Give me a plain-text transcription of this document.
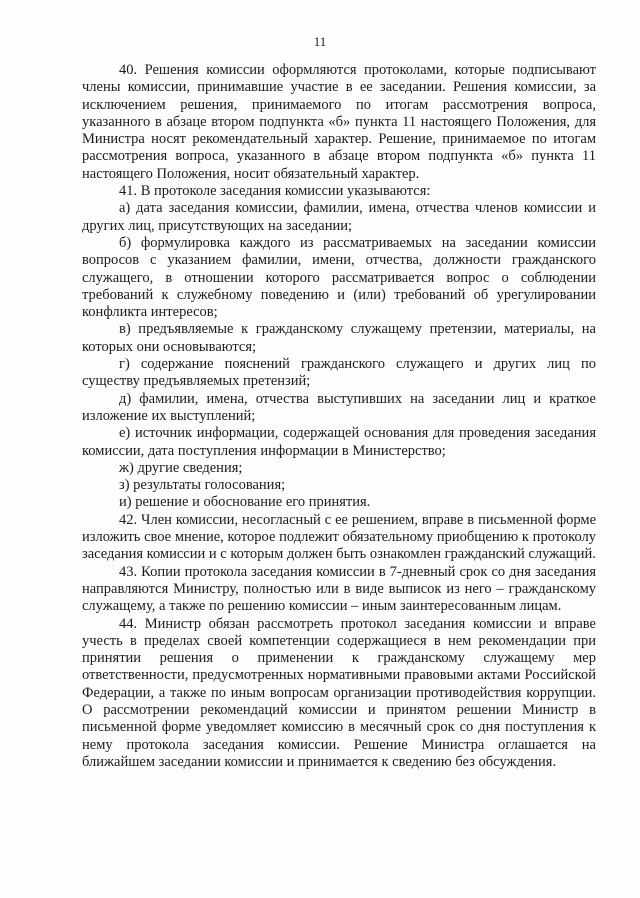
11

40. Решения комиссии оформляются протоколами, которые подписывают члены комиссии, принимавшие участие в ее заседании. Решения комиссии, за исключением решения, принимаемого по итогам рассмотрения вопроса, указанного в абзаце втором подпункта «б» пункта 11 настоящего Положения, для Министра носят рекомендательный характер. Решение, принимаемое по итогам рассмотрения вопроса, указанного в абзаце втором подпункта «б» пункта 11 настоящего Положения, носит обязательный характер.

41. В протоколе заседания комиссии указываются:

а) дата заседания комиссии, фамилии, имена, отчества членов комиссии и других лиц, присутствующих на заседании;

б) формулировка каждого из рассматриваемых на заседании комиссии вопросов с указанием фамилии, имени, отчества, должности гражданского служащего, в отношении которого рассматривается вопрос о соблюдении требований к служебному поведению и (или) требований об урегулировании конфликта интересов;

в) предъявляемые к гражданскому служащему претензии, материалы, на которых они основываются;

г) содержание пояснений гражданского служащего и других лиц по существу предъявляемых претензий;

д) фамилии, имена, отчества выступивших на заседании лиц и краткое изложение их выступлений;

е) источник информации, содержащей основания для проведения заседания комиссии, дата поступления информации в Министерство;

ж) другие сведения;

з) результаты голосования;

и) решение и обоснование его принятия.

42. Член комиссии, несогласный с ее решением, вправе в письменной форме изложить свое мнение, которое подлежит обязательному приобщению к протоколу заседания комиссии и с которым должен быть ознакомлен гражданский служащий.

43. Копии протокола заседания комиссии в 7-дневный срок со дня заседания направляются Министру, полностью или в виде выписок из него – гражданскому служащему, а также по решению комиссии – иным заинтересованным лицам.

44. Министр обязан рассмотреть протокол заседания комиссии и вправе учесть в пределах своей компетенции содержащиеся в нем рекомендации при принятии решения о применении к гражданскому служащему мер ответственности, предусмотренных нормативными правовыми актами Российской Федерации, а также по иным вопросам организации противодействия коррупции. О рассмотрении рекомендаций комиссии и принятом решении Министр в письменной форме уведомляет комиссию в месячный срок со дня поступления к нему протокола заседания комиссии. Решение Министра оглашается на ближайшем заседании комиссии и принимается к сведению без обсуждения.
